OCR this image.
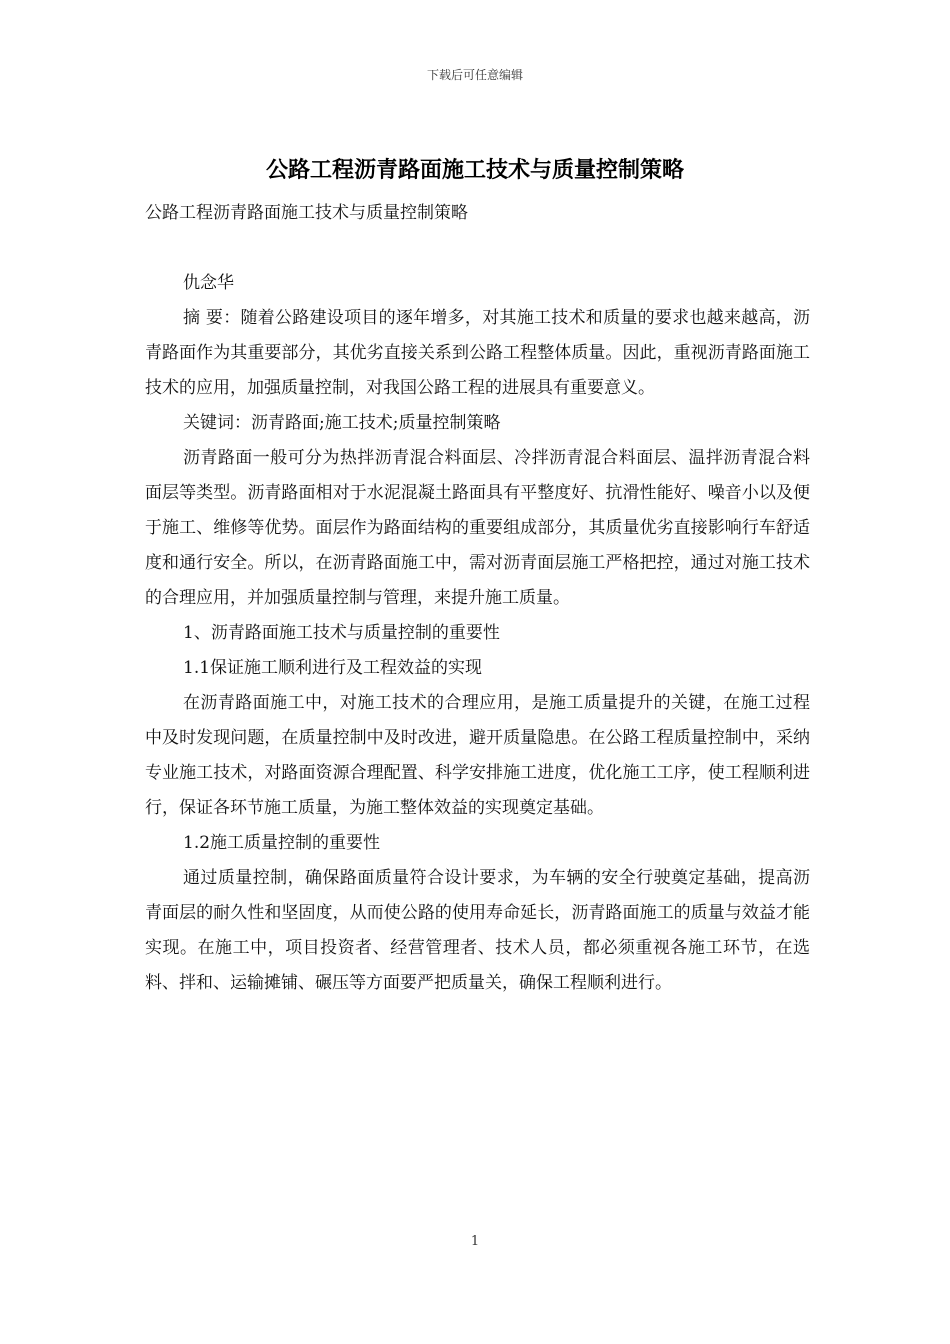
下载后可任意编辑
公路工程沥青路面施工技术与质量控制策略

公路工程沥青路面施工技术与质量控制策略

仇念华

摘 要：随着公路建设项目的逐年增多，对其施工技术和质量的要求也越来越高，沥青路面作为其重要部分，其优劣直接关系到公路工程整体质量。因此，重视沥青路面施工技术的应用，加强质量控制，对我国公路工程的进展具有重要意义。

关键词：沥青路面;施工技术;质量控制策略

沥青路面一般可分为热拌沥青混合料面层、冷拌沥青混合料面层、温拌沥青混合料面层等类型。沥青路面相对于水泥混凝土路面具有平整度好、抗滑性能好、噪音小以及便于施工、维修等优势。面层作为路面结构的重要组成部分，其质量优劣直接影响行车舒适度和通行安全。所以，在沥青路面施工中，需对沥青面层施工严格把控，通过对施工技术的合理应用，并加强质量控制与管理，来提升施工质量。

1、沥青路面施工技术与质量控制的重要性

1.1保证施工顺利进行及工程效益的实现

在沥青路面施工中，对施工技术的合理应用，是施工质量提升的关键，在施工过程中及时发现问题，在质量控制中及时改进，避开质量隐患。在公路工程质量控制中，采纳专业施工技术，对路面资源合理配置、科学安排施工进度，优化施工工序，使工程顺利进行，保证各环节施工质量，为施工整体效益的实现奠定基础。

1.2施工质量控制的重要性

通过质量控制，确保路面质量符合设计要求，为车辆的安全行驶奠定基础，提高沥青面层的耐久性和坚固度，从而使公路的使用寿命延长，沥青路面施工的质量与效益才能实现。在施工中，项目投资者、经营管理者、技术人员，都必须重视各施工环节，在选料、拌和、运输摊铺、碾压等方面要严把质量关，确保工程顺利进行。

1
